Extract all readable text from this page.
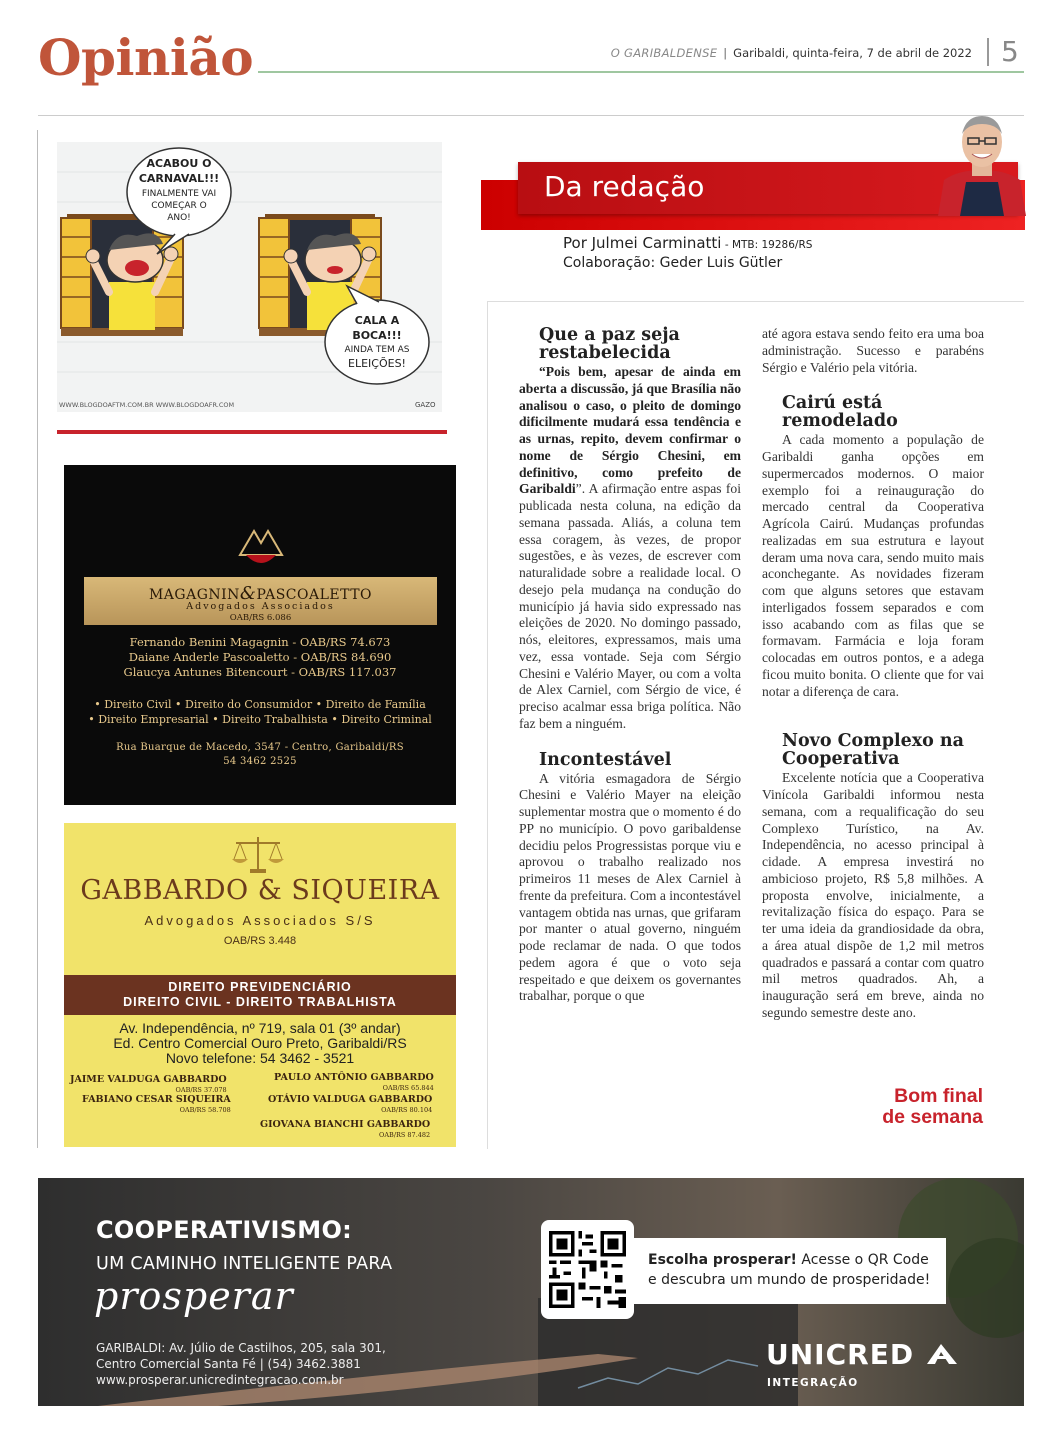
Opinião	O GARIBALDENSE | Garibaldi, quinta-feira, 7 de abril de 2022 5
ACABOU O
CARNAVAL!!!
FINALMENTE VAI
COMEÇAR O
ANO!
CALA A
BOCA!!!
AINDA TEM AS
ELEIÇÕES!
WWW.BLOGDOAFTM.COM.BR WWW.BLOGDOAFR.COM	GAZO
MAGAGNIN&PASCOALETTO
Advogados Associados
OAB/RS 6.086
Fernando Benini Magagnin - OAB/RS 74.673
Daiane Anderle Pascoaletto - OAB/RS 84.690
Glaucya Antunes Bitencourt - OAB/RS 117.037
• Direito Civil • Direito do Consumidor • Direito de Família
• Direito Empresarial • Direito Trabalhista • Direito Criminal
Rua Buarque de Macedo, 3547 - Centro, Garibaldi/RS
54 3462 2525
GABBARDO & SIQUEIRA
Advogados Associados S/S
OAB/RS 3.448
DIREITO PREVIDENCIÁRIO
DIREITO CIVIL - DIREITO TRABALHISTA
Av. Independência, nº 719, sala 01 (3º andar)
Ed. Centro Comercial Ouro Preto, Garibaldi/RS
Novo telefone: 54 3462 - 3521
JAIME VALDUGA GABBARDO
OAB/RS 37.078
PAULO ANTÔNIO GABBARDO
OAB/RS 65.844
FABIANO CESAR SIQUEIRA
OAB/RS 58.708
OTÁVIO VALDUGA GABBARDO
OAB/RS 80.104
GIOVANA BIANCHI GABBARDO
OAB/RS 87.482
Da redação
Por Julmei Carminatti - MTB: 19286/RS
Colaboração: Geder Luis Gütler
Que a paz seja restabelecida

“Pois bem, apesar de ainda em aberta a discussão, já que Brasília não analisou o caso, o pleito de domingo dificilmente mudará essa tendência e as urnas, repito, devem confirmar o nome de Sérgio Chesini, em definitivo, como prefeito de Garibaldi”. A afirmação entre aspas foi publicada nesta coluna, na edição da semana passada. Aliás, a coluna tem essa coragem, às vezes, de propor sugestões, e às vezes, de escrever com naturalidade sobre a realidade local. O desejo pela mudança na condução do município já havia sido expressado nas eleições de 2020. No domingo passado, nós, eleitores, expressamos, mais uma vez, essa vontade. Seja com Sérgio Chesini e Valério Mayer, ou com a volta de Alex Carniel, com Sérgio de vice, é preciso acalmar essa briga política. Não faz bem a ninguém.

Incontestável

A vitória esmagadora de Sérgio Chesini e Valério Mayer na eleição suplementar mostra que o momento é do PP no município. O povo garibaldense decidiu pelos Progressistas porque viu e aprovou o trabalho realizado nos primeiros 11 meses de Alex Carniel à frente da prefeitura. Com a incontestável vantagem obtida nas urnas, que grifaram por manter o atual governo, ninguém pode reclamar de nada. O que todos pedem agora é que o voto seja respeitado e que deixem os governantes trabalhar, porque o que

até agora estava sendo feito era uma boa administração. Sucesso e parabéns Sérgio e Valério pela vitória.

Cairú está remodelado

A cada momento a população de Garibaldi ganha opções em supermercados modernos. O maior exemplo foi a reinauguração do mercado central da Cooperativa Agrícola Cairú. Mudanças profundas realizadas em sua estrutura e layout deram uma nova cara, sendo muito mais aconchegante. As novidades fizeram com que alguns setores que estavam interligados fossem separados e com isso acabando com as filas que se formavam. Farmácia e loja foram colocadas em outros pontos, e a adega ficou muito bonita. O cliente que for vai notar a diferença de cara.

Novo Complexo na Cooperativa

Excelente notícia que a Cooperativa Vinícola Garibaldi informou nesta semana, com a requalificação do seu Complexo Turístico, na Av. Independência, no acesso principal à cidade. A empresa investirá no ambicioso projeto, R$ 5,8 milhões. A proposta envolve, inicialmente, a revitalização física do espaço. Para se ter uma ideia da grandiosidade da obra, a área atual dispõe de 1,2 mil metros quadrados e passará a contar com quatro mil metros quadrados. Ah, a inauguração será em breve, ainda no segundo semestre deste ano.

Bom final
de semana
COOPERATIVISMO:
UM CAMINHO INTELIGENTE PARA
prosperar
GARIBALDI: Av. Júlio de Castilhos, 205, sala 301,
Centro Comercial Santa Fé | (54) 3462.3881
www.prosperar.unicredintegracao.com.br
Escolha prosperar! Acesse o QR Code e descubra um mundo de prosperidade!
UNICRED
INTEGRAÇÃO
